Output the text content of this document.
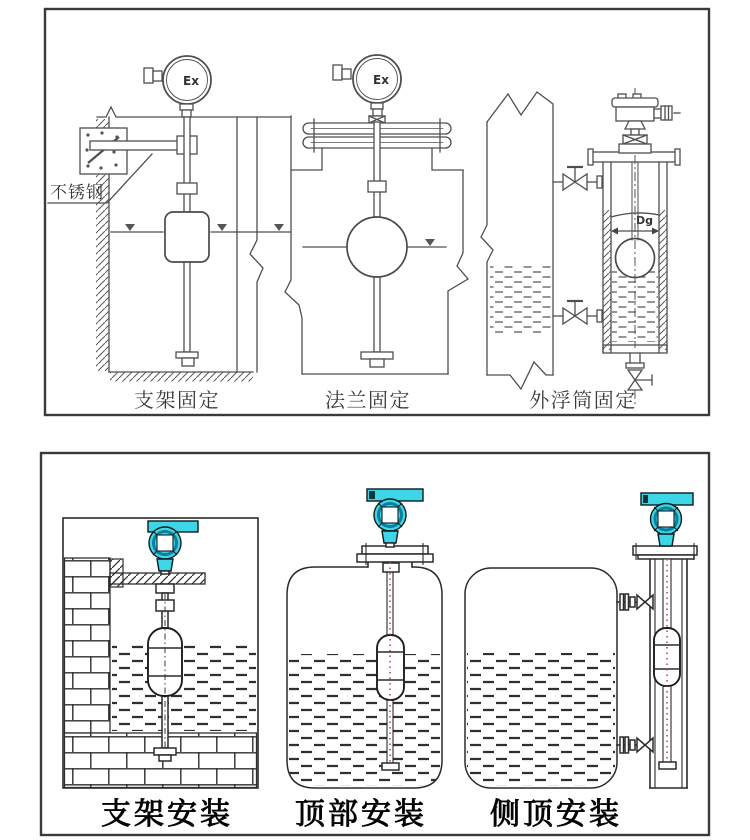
Ex
不锈钢
Ex
Dg
支架固定	法兰固定	外浮筒固定
支架安装 顶部安装 侧顶安装
